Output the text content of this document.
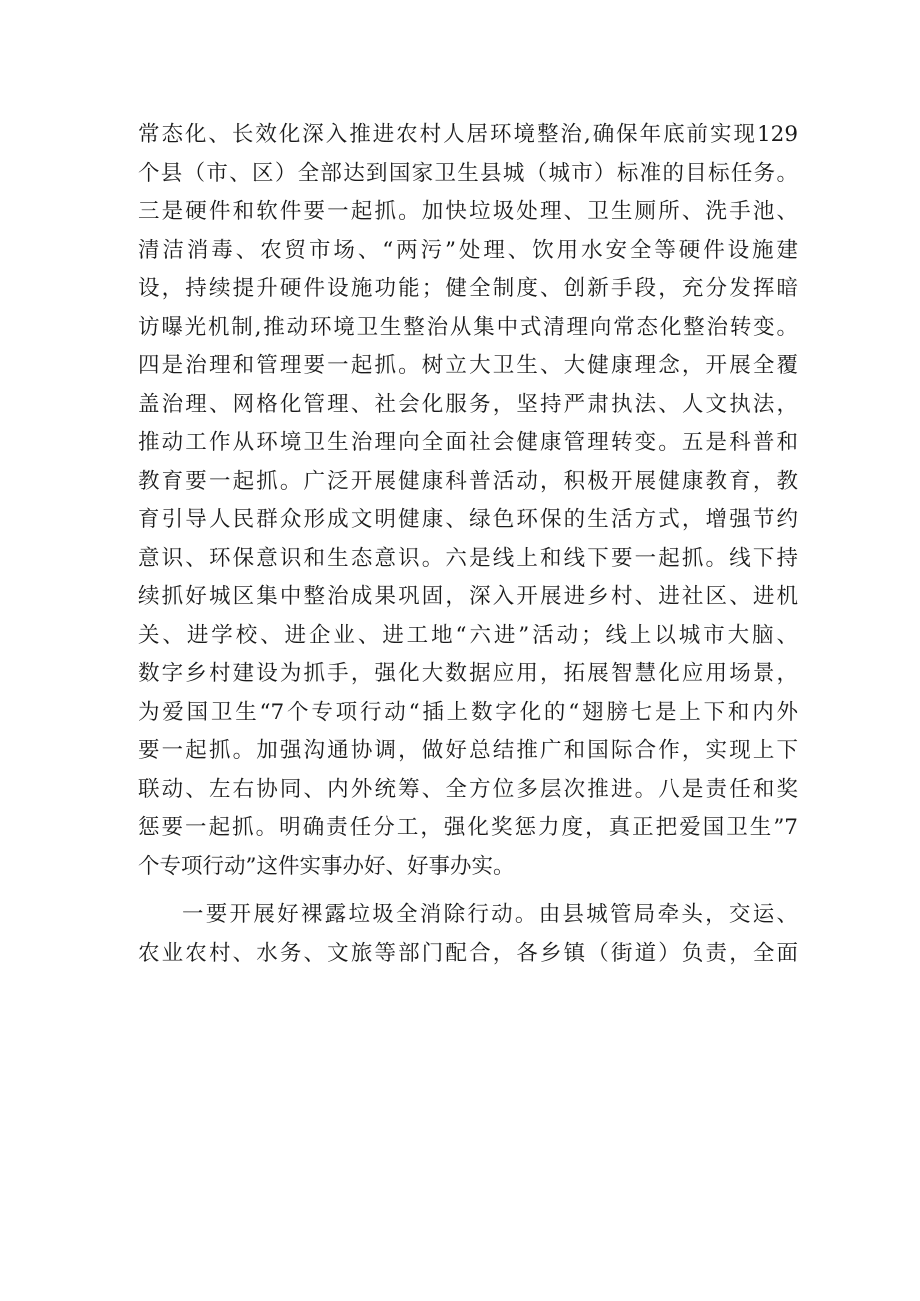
常态化、长效化深入推进农村人居环境整治,确保年底前实现129
个县（市、区）全部达到国家卫生县城（城市）标准的目标任务。
三是硬件和软件要一起抓。加快垃圾处理、卫生厕所、洗手池、
清洁消毒、农贸市场、“两污”处理、饮用水安全等硬件设施建
设，持续提升硬件设施功能；健全制度、创新手段，充分发挥暗
访曝光机制,推动环境卫生整治从集中式清理向常态化整治转变。
四是治理和管理要一起抓。树立大卫生、大健康理念，开展全覆
盖治理、网格化管理、社会化服务，坚持严肃执法、人文执法，
推动工作从环境卫生治理向全面社会健康管理转变。五是科普和
教育要一起抓。广泛开展健康科普活动，积极开展健康教育，教
育引导人民群众形成文明健康、绿色环保的生活方式，增强节约
意识、环保意识和生态意识。六是线上和线下要一起抓。线下持
续抓好城区集中整治成果巩固，深入开展进乡村、进社区、进机
关、进学校、进企业、进工地“六进”活动；线上以城市大脑、
数字乡村建设为抓手，强化大数据应用，拓展智慧化应用场景，
为爱国卫生“7个专项行动“插上数字化的“翅膀七是上下和内外
要一起抓。加强沟通协调，做好总结推广和国际合作，实现上下
联动、左右协同、内外统筹、全方位多层次推进。八是责任和奖
惩要一起抓。明确责任分工，强化奖惩力度，真正把爱国卫生”7
个专项行动”这件实事办好、好事办实。
一要开展好裸露垃圾全消除行动。由县城管局牵头，交运、
农业农村、水务、文旅等部门配合，各乡镇（街道）负责，全面
